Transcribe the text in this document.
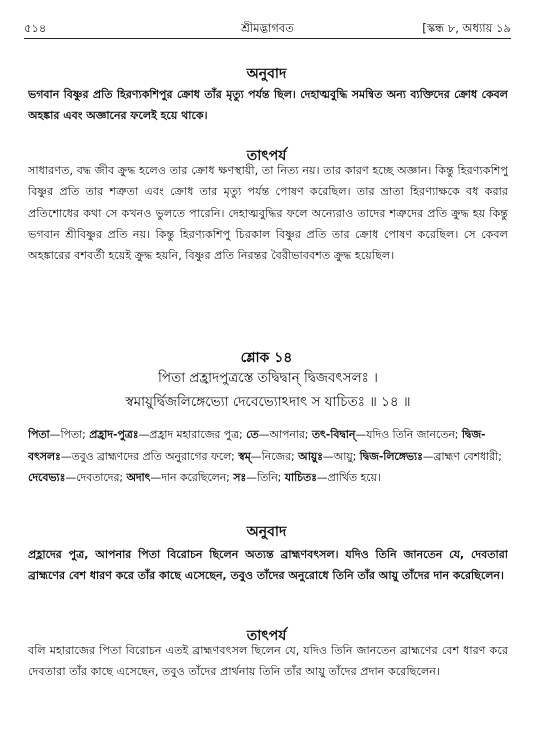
৫১৪	শ্রীমদ্ভাগবত	[স্কন্ধ ৮, অধ্যায় ১৯
অনুবাদ

ভগবান বিষ্ণুর প্রতি হিরণ্যকশিপুর ক্রোধ তাঁর মৃত্যু পর্যন্ত ছিল। দেহাত্মবুদ্ধি সমন্বিত অন্য ব্যক্তিদের ক্রোধ কেবল অহঙ্কার এবং অজ্ঞানের ফলেই হয়ে থাকে।

তাৎপর্য

সাধারণত, বদ্ধ জীব ক্রুদ্ধ হলেও তার ক্রোধ ক্ষণস্থায়ী, তা নিত্য নয়। তার কারণ হচ্ছে অজ্ঞান। কিন্তু হিরণ্যকশিপু বিষ্ণুর প্রতি তার শত্রুতা এবং ক্রোধ তার মৃত্যু পর্যন্ত পোষণ করেছিল। তার ভ্রাতা হিরণ্যাক্ষকে বধ করার প্রতিশোধের কথা সে কখনও ভুলতে পারেনি। দেহাত্মবুদ্ধির ফলে অন্যেরাও তাদের শত্রুদের প্রতি ক্রুদ্ধ হয় কিন্তু ভগবান শ্রীবিষ্ণুর প্রতি নয়। কিন্তু হিরণ্যকশিপু চিরকাল বিষ্ণুর প্রতি তার ক্রোধ পোষণ করেছিল। সে কেবল অহঙ্কারের বশবর্তী হয়েই ক্রুদ্ধ হয়নি, বিষ্ণুর প্রতি নিরন্তর বৈরীভাববশত ক্রুদ্ধ হয়েছিল।

শ্লোক ১৪
পিতা প্রহ্রাদপুত্রস্তে তদ্বিদ্বান্ দ্বিজবৎসলঃ ।
স্বমায়ুর্দ্বিজলিঙ্গেভ্যো দেবেভ্যোঽদাৎ স যাচিতঃ ॥ ১৪ ॥

পিতা—পিতা; প্রহ্রাদ-পুত্রঃ—প্রহ্রাদ মহারাজের পুত্র; তে—আপনার; তৎ-বিদ্বান্—যদিও তিনি জানতেন; দ্বিজ-বৎসলঃ—তবুও ব্রাহ্মণদের প্রতি অনুরাগের ফলে; স্বম্—নিজের; আয়ুঃ—আয়ু; দ্বিজ-লিঙ্গেভ্যঃ—ব্রাহ্মণ বেশধারী; দেবেভ্যঃ—দেবতাদের; অদাৎ—দান করেছিলেন; সঃ—তিনি; যাচিতঃ—প্রার্থিত হয়ে।

অনুবাদ

প্রহ্লাদের পুত্র, আপনার পিতা বিরোচন ছিলেন অত্যন্ত ব্রাহ্মণবৎসল। যদিও তিনি জানতেন যে, দেবতারা ব্রাহ্মণের বেশ ধারণ করে তাঁর কাছে এসেছেন, তবুও তাঁদের অনুরোধে তিনি তাঁর আয়ু তাঁদের দান করেছিলেন।

তাৎপর্য

বলি মহারাজের পিতা বিরোচন এতই ব্রাহ্মণবৎসল ছিলেন যে, যদিও তিনি জানতেন ব্রাহ্মণের বেশ ধারণ করে দেবতারা তাঁর কাছে এসেছেন, তবুও তাঁদের প্রার্থনায় তিনি তাঁর আয়ু তাঁদের প্রদান করেছিলেন।
